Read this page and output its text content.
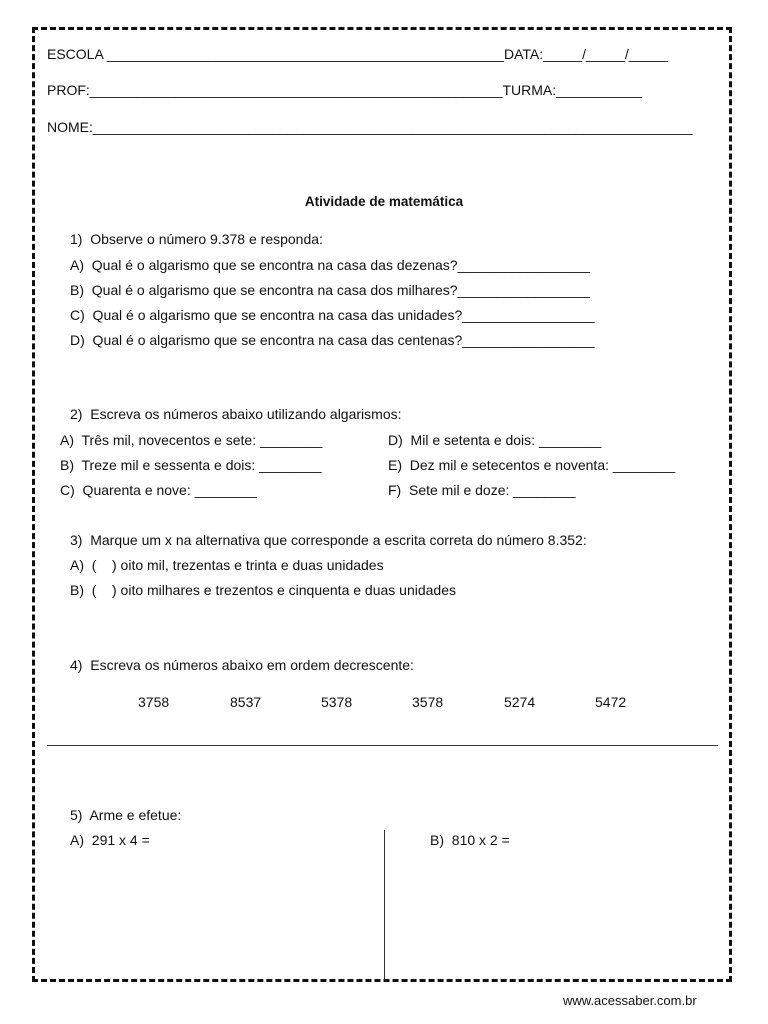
ESCOLA ___________________________________________________DATA:_____/_____/_____
PROF:_____________________________________________________TURMA:___________
NOME:_____________________________________________________________________________
Atividade de matemática
1)  Observe o número 9.378 e responda:
A)  Qual é o algarismo que se encontra na casa das dezenas?_________________
B)  Qual é o algarismo que se encontra na casa dos milhares?_________________
C)  Qual é o algarismo que se encontra na casa das unidades?_________________
D)  Qual é o algarismo que se encontra na casa das centenas?_________________
2)  Escreva os números abaixo utilizando algarismos:
A)  Três mil, novecentos e sete: ________
B)  Treze mil e sessenta e dois: ________
C)  Quarenta e nove: ________
D)  Mil e setenta e dois: ________
E)  Dez mil e setecentos e noventa: ________
F)  Sete mil e doze: ________
3)  Marque um x na alternativa que corresponde a escrita correta do número 8.352:
A)  (    ) oito mil, trezentas e trinta e duas unidades
B)  (    ) oito milhares e trezentos e cinquenta e duas unidades
4)  Escreva os números abaixo em ordem decrescente:
3758	8537	5378	3578	5274	5472
5)  Arme e efetue:
A)  291 x 4 =	B)  810 x 2 =
www.acessaber.com.br
